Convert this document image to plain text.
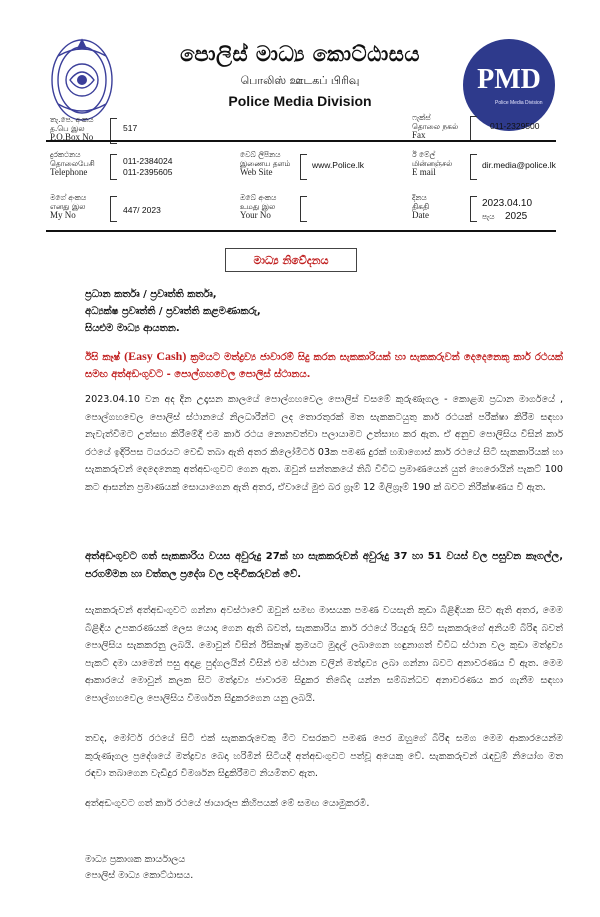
PMD
Police Media Division
පොලිස් මාධ්‍ය කොට්ඨාසය
பொலிஸ் ஊடகப் பிரிவு
Police Media Division
තැ.පෙ. අංකය
த.பெ இல
P.O.Box No
517
දුරකථනය
தொலைபேசி
Telephone
011-2384024
011-2395605
මගේ අංකය
எனது இல
My No	447/ 2023
වෙබ් ලිපිනය
இணைய தளம்
Web Site
www.Police.lk
ඔබේ අංකය
உமது இல
Your No
ෆැක්ස්
தொலை நகல்
Fax
011-2329500
ඊ මේල්
மின்னஞ்சல்
E mail
dir.media@police.lk
දිනය
திகதி
Date
2023.04.10
පැය 2025
මාධ්‍ය නිවේදනය
ප්‍රධාන කර්තෘ / ප්‍රවෘත්ති කර්තෘ,
අධ්‍යක්ෂ ප්‍රවෘත්ති / ප්‍රවෘත්ති කළමණාකරු,
සියළුම මාධ්‍ය ආයතන.
ඊසි කෑෂ් (Easy Cash) ක්‍රමයට මත්ද්‍රව්‍ය ජාවාරම් සිදු කරන සැකකාරියක් හා සැකකරුවන් දෙදෙනෙකු කාර් රථයක් සමඟ අත්අඩංගුවට - පොල්ගහවෙල පොලිස් ස්ථානය.
2023.04.10 වන අද දින උදෑසන කාලයේ පොල්ගහවෙල පොලිස් වසමේ කුරුණෑගල - කොළඹ ප්‍රධාන මාර්ගයේ , පොල්ගහවෙල පොලිස් ස්ථානයේ නිලධාරීන්ට ලද තොරතුරක් මත සැකකටයුතු කාර් රථයක් පරීක්ෂා කිරීම සඳහා නැවැත්වීමට උත්සහ කිරීමේදී එම කාර් රථය නොනවත්වා පලායාමට උත්සාහ කර ඇත. ඒ අනුව පොලිසිය විසින් කාර් රථයේ ඉදිරිපස ටයරයට වෙඩි තබා ඇති අතර කිලෝමීටර් 03ක පමණ දුරක් හඹාගොස් කාර් රථයේ සිටි සැකකාරියක් හා සැකකරුවන් දෙදෙනෙකු අත්අඩංගුවට ගෙන ඇත. ඔවුන් සන්තකයේ තිබී විවිධ ප්‍රමාණයෙන් යුත් හෙරොයින් පැකට් 100 කට ආසන්න ප්‍රමාණයක් සොයාගෙන ඇති අතර, ඒවායේ මුළු බර ග්‍රෑම් 12 මිලිග්‍රෑම් 190 ක් බවට නිරීක්ෂණය වී ඇත.
අත්අඩංගුවට ගත් සැකකාරිය වයස අවුරුදු 27ක් හා සැකකරුවන් අවුරුදු 37 හා 51 වයස් වල පසුවන කෑගල්ල, පරගම්මන හා වත්තල ප්‍රදේශ වල පදිංචිකරුවන් වේ.
සැකකරුවන් අත්අඩංගුවට ගන්නා අවස්ථාවේ ඔවුන් සමඟ මාසයක පමණ වයසැති කුඩා බිළිඳියක සිට ඇති අතර, මෙම බිළිඳිය උපකරණයක් ලෙස යොදා ගෙන ඇති බවත්, සැකකාරිය කාර් රථයේ රියදුරු සිටි සැකකරුගේ අනියම් බිරිඳ බවත් පොලිසිය සැකකරනු ලබයි. මොවුන් විසින් ඊසිකෑෂ් ක්‍රමයට මුදල් ලබාගෙන හඳුනාගත් විවිධ ස්ථාන වල කුඩා මත්ද්‍රව්‍ය පැකට් දමා යාමෙන් පසු අදාළ පුද්ගලයින් විසින් එම ස්ථාන වලින් මත්ද්‍රව්‍ය ලබා ගන්නා බවට අනාවරණය වී ඇත. මෙම ආකාරයේ මොවුන් කලක සිට මත්ද්‍රව්‍ය ජාවාරම සිදුකර තිබේද යන්න සම්බන්ධව අනාවරණය කර ගැනීම සඳහා පොල්ගහවෙල පොලිසිය විමර්ශන සිදුකරගෙන යනු ලබයි.
තවද, මෝටර් රථයේ සිටි එක් සැකකරුවෙකු මීට වසරකට පමණ පෙර ඔහුගේ බිරිඳ සමග මෙම ආකාරයෙන්ම කුරුණෑගල ප්‍රදේශයේ මත්ද්‍රව්‍ය බෙදා හරිමින් සිටියදී අත්අඩංගුවට පත්වූ අයෙකු වේ. සැකකරුවන් රැඳවුම් නියෝග මත රඳවා තබාගෙන වැඩිදුර විමර්ශන සිදුකිරීමට නියමිතව ඇත.
අත්අඩංගුවට ගත් කාර් රථයේ ඡායාරූප කිහිපයක් මේ සමඟ යොමුකරමි.
මාධ්‍ය ප්‍රකාශක කාර්යාලය
පොලිස් මාධ්‍ය කොට්ඨාසය.
